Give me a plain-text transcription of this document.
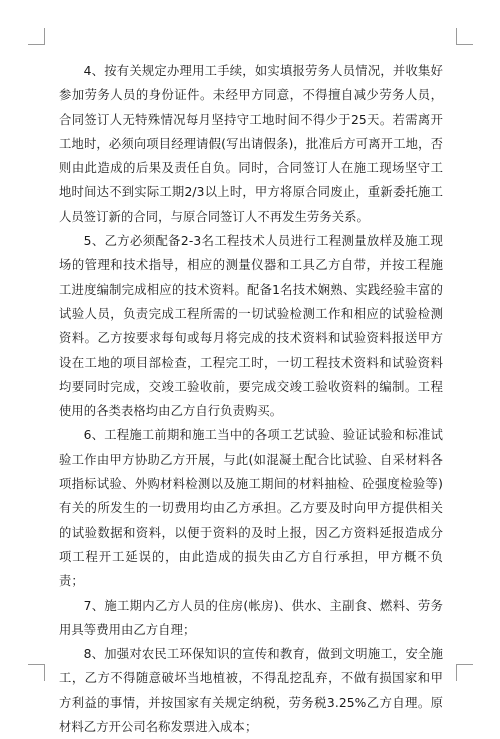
4、按有关规定办理用工手续，如实填报劳务人员情况，并收集好参加劳务人员的身份证件。未经甲方同意，不得擅自减少劳务人员，合同签订人无特殊情况每月坚持守工地时间不得少于25天。若需离开工地时，必须向项目经理请假(写出请假条)，批准后方可离开工地，否则由此造成的后果及责任自负。同时，合同签订人在施工现场坚守工地时间达不到实际工期2/3以上时，甲方将原合同废止，重新委托施工人员签订新的合同，与原合同签订人不再发生劳务关系。

5、乙方必须配备2-3名工程技术人员进行工程测量放样及施工现场的管理和技术指导，相应的测量仪器和工具乙方自带，并按工程施工进度编制完成相应的技术资料。配备1名技术娴熟、实践经验丰富的试验人员，负责完成工程所需的一切试验检测工作和相应的试验检测资料。乙方按要求每旬或每月将完成的技术资料和试验资料报送甲方设在工地的项目部检查，工程完工时，一切工程技术资料和试验资料均要同时完成，交竣工验收前，要完成交竣工验收资料的编制。工程使用的各类表格均由乙方自行负责购买。

6、工程施工前期和施工当中的各项工艺试验、验证试验和标准试验工作由甲方协助乙方开展，与此(如混凝土配合比试验、自采材料各项指标试验、外购材料检测以及施工期间的材料抽检、砼强度检验等)有关的所发生的一切费用均由乙方承担。乙方要及时向甲方提供相关的试验数据和资料，以便于资料的及时上报，因乙方资料延报造成分项工程开工延误的，由此造成的损失由乙方自行承担，甲方概不负责；

7、施工期内乙方人员的住房(帐房)、供水、主副食、燃料、劳务用具等费用由乙方自理；

8、加强对农民工环保知识的宣传和教育，做到文明施工，安全施工，乙方不得随意破坏当地植被，不得乱挖乱弃，不做有损国家和甲方利益的事情，并按国家有关规定纳税，劳务税3.25%乙方自理。原材料乙方开公司名称发票进入成本；
